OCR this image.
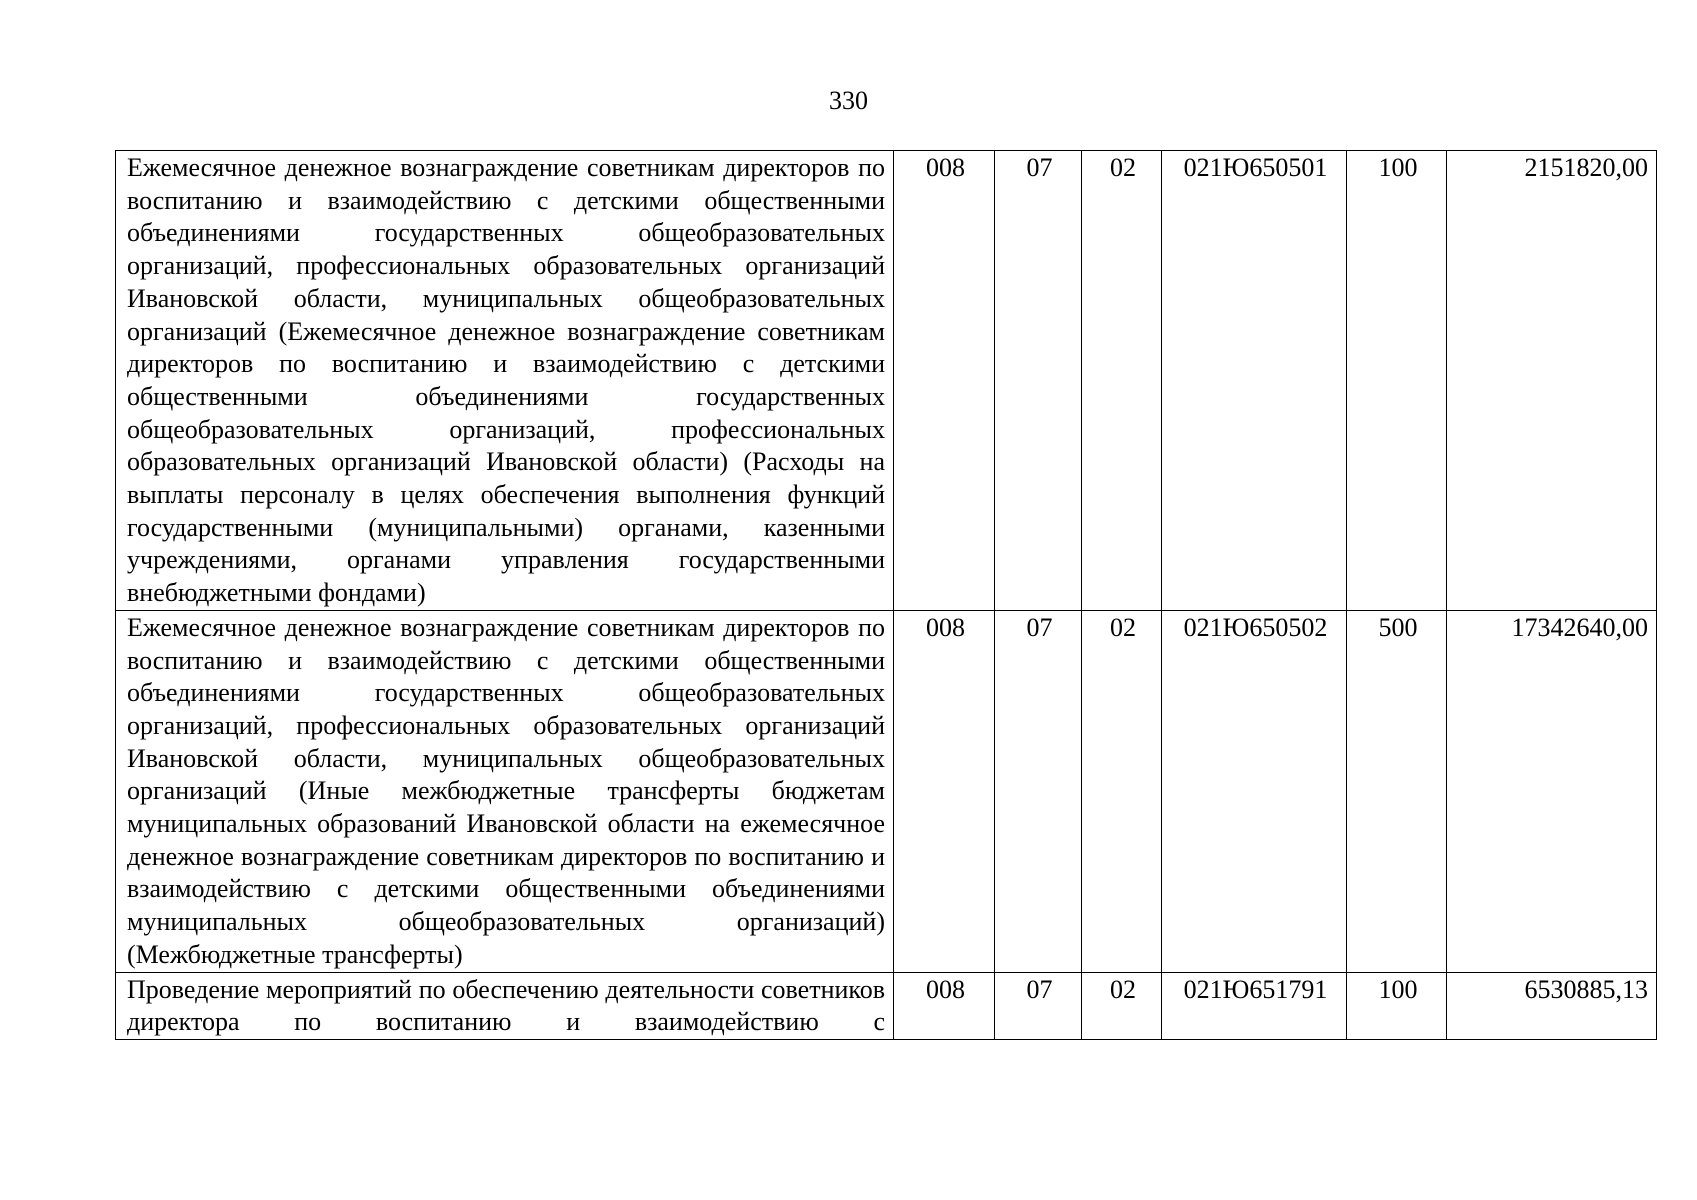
330
Ежемесячное денежное вознаграждение советникам директоров по воспитанию и взаимодействию с детскими общественными объединениями государственных общеобразовательных организаций, профессиональных образовательных организаций Ивановской области, муниципальных общеобразовательных организаций (Ежемесячное денежное вознаграждение советникам директоров по воспитанию и взаимодействию с детскими общественными объединениями государственных общеобразовательных организаций, профессиональных образовательных организаций Ивановской области) (Расходы на выплаты персоналу в целях обеспечения выполнения функций государственными (муниципальными) органами, казенными учреждениями, органами управления государственными внебюджетными фондами)	008	07	02	021Ю650501	100	2151820,00
Ежемесячное денежное вознаграждение советникам директоров по воспитанию и взаимодействию с детскими общественными объединениями государственных общеобразовательных организаций, профессиональных образовательных организаций Ивановской области, муниципальных общеобразовательных организаций (Иные межбюджетные трансферты бюджетам муниципальных образований Ивановской области на ежемесячное денежное вознаграждение советникам директоров по воспитанию и взаимодействию с детскими общественными объединениями муниципальных общеобразовательных организаций) (Межбюджетные трансферты)	008	07	02	021Ю650502	500	17342640,00
Проведение мероприятий по обеспечению деятельности советников директора по воспитанию и взаимодействию с	008	07	02	021Ю651791	100	6530885,13
